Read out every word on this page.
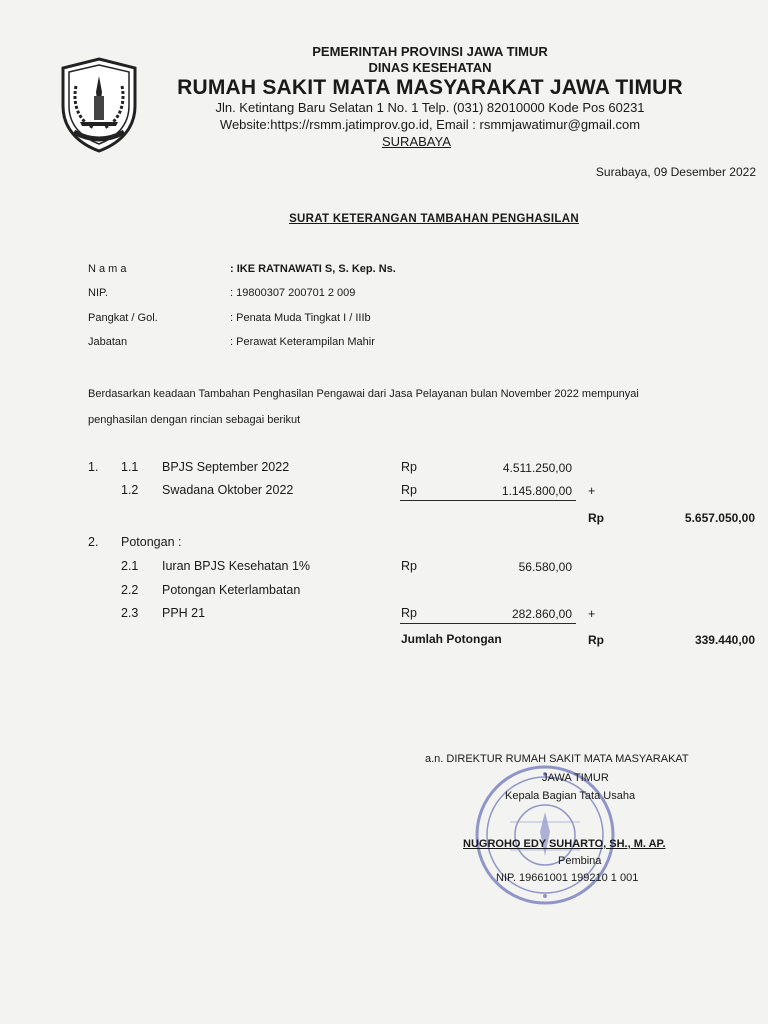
PEMERINTAH PROVINSI JAWA TIMUR
DINAS KESEHATAN
RUMAH SAKIT MATA MASYARAKAT JAWA TIMUR
Jln. Ketintang Baru Selatan 1 No. 1 Telp. (031) 82010000 Kode Pos 60231
Website:https://rsmm.jatimprov.go.id, Email : rsmmjawatimur@gmail.com
SURABAYA
Surabaya, 09 Desember 2022
SURAT KETERANGAN TAMBAHAN PENGHASILAN
N a m a	: IKE RATNAWATI S, S. Kep. Ns.
NIP.	: 19800307 200701 2 009
Pangkat / Gol.	: Penata Muda Tingkat I / IIIb
Jabatan	: Perawat Keterampilan Mahir
Berdasarkan keadaan Tambahan Penghasilan Pengawai dari Jasa Pelayanan bulan November 2022 mempunyai
penghasilan dengan rincian sebagai berikut
1. 1.1 BPJS September 2022	Rp	4.511.250,00
1.2 Swadana Oktober 2022	Rp	1.145.800,00 +
Rp	5.657.050,00
2. Potongan :
2.1 Iuran BPJS Kesehatan 1%	Rp	56.580,00
2.2 Potongan Keterlambatan
2.3 PPH 21	Rp	282.860,00 +
Jumlah Potongan	Rp	339.440,00
a.n. DIREKTUR RUMAH SAKIT MATA MASYARAKAT
JAWA TIMUR
Kepala Bagian Tata Usaha
NUGROHO EDY SUHARTO, SH., M. AP.
Pembina
NIP. 19661001 199210 1 001
